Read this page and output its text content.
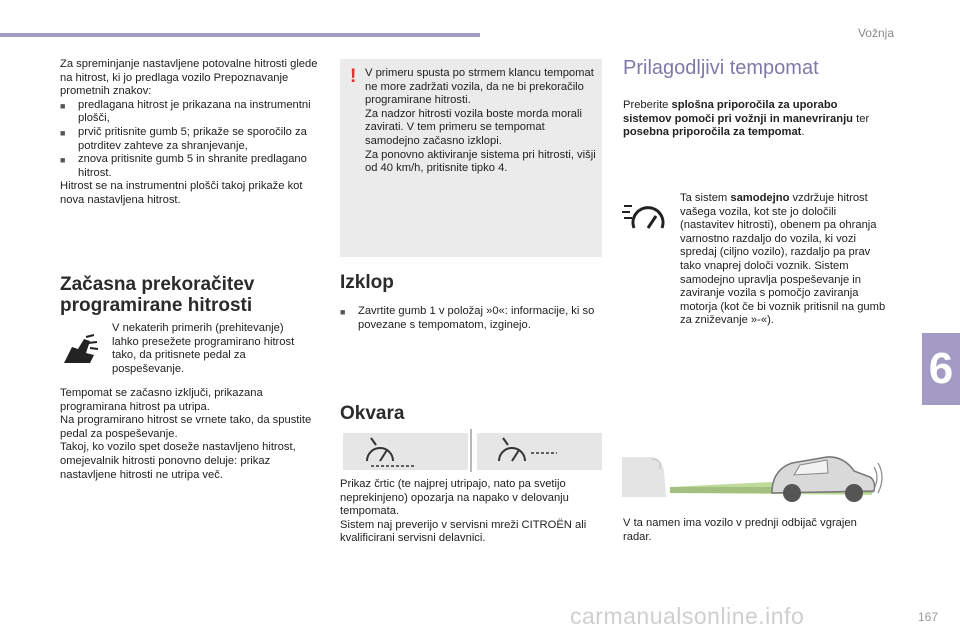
Vožnja
6

Za spreminjanje nastavljene potovalne hitrosti glede na hitrost, ki jo predlaga vozilo Prepoznavanje prometnih znakov:

■	predlagana hitrost je prikazana na instrumentni plošči,
■	prvič pritisnite gumb 5; prikaže se sporočilo za potrditev zahteve za shranjevanje,
■	znova pritisnite gumb 5 in shranite predlagano hitrost.

Hitrost se na instrumentni plošči takoj prikaže kot nova nastavljena hitrost.

Začasna prekoračitev programirane hitrosti
V nekaterih primerih (prehitevanje) lahko presežete programirano hitrost tako, da pritisnete pedal za pospeševanje.

Tempomat se začasno izključi, prikazana programirana hitrost pa utripa.

Na programirano hitrost se vrnete tako, da spustite pedal za pospeševanje.

Takoj, ko vozilo spet doseže nastavljeno hitrost, omejevalnik hitrosti ponovno deluje: prikaz nastavljene hitrosti ne utripa več.

! V primeru spusta po strmem klancu tempomat ne more zadržati vozila, da ne bi prekoračilo programirane hitrosti.

Za nadzor hitrosti vozila boste morda morali zavirati. V tem primeru se tempomat samodejno začasno izklopi.

Za ponovno aktiviranje sistema pri hitrosti, višji od 40 km/h, pritisnite tipko 4.

Izklop
■	Zavrtite gumb 1 v položaj »0«: informacije, ki so povezane s tempomatom, izginejo.
Okvara

Prikaz črtic (te najprej utripajo, nato pa svetijo neprekinjeno) opozarja na napako v delovanju tempomata.

Sistem naj preverijo v servisni mreži CITROËN ali kvalificirani servisni delavnici.

Prilagodljivi tempomat
Preberite splošna priporočila za uporabo sistemov pomoči pri vožnji in manevriranju ter posebna priporočila za tempomat.
Ta sistem samodejno vzdržuje hitrost vašega vozila, kot ste jo določili (nastavitev hitrosti), obenem pa ohranja varnostno razdaljo do vozila, ki vozi spredaj (ciljno vozilo), razdaljo pa prav tako vnaprej določi voznik. Sistem samodejno upravlja pospeševanje in zaviranje vozila s pomočjo zaviranja motorja (kot če bi voznik pritisnil na gumb za zniževanje »-«).
V ta namen ima vozilo v prednji odbijač vgrajen radar.
carmanualsonline.info	167
